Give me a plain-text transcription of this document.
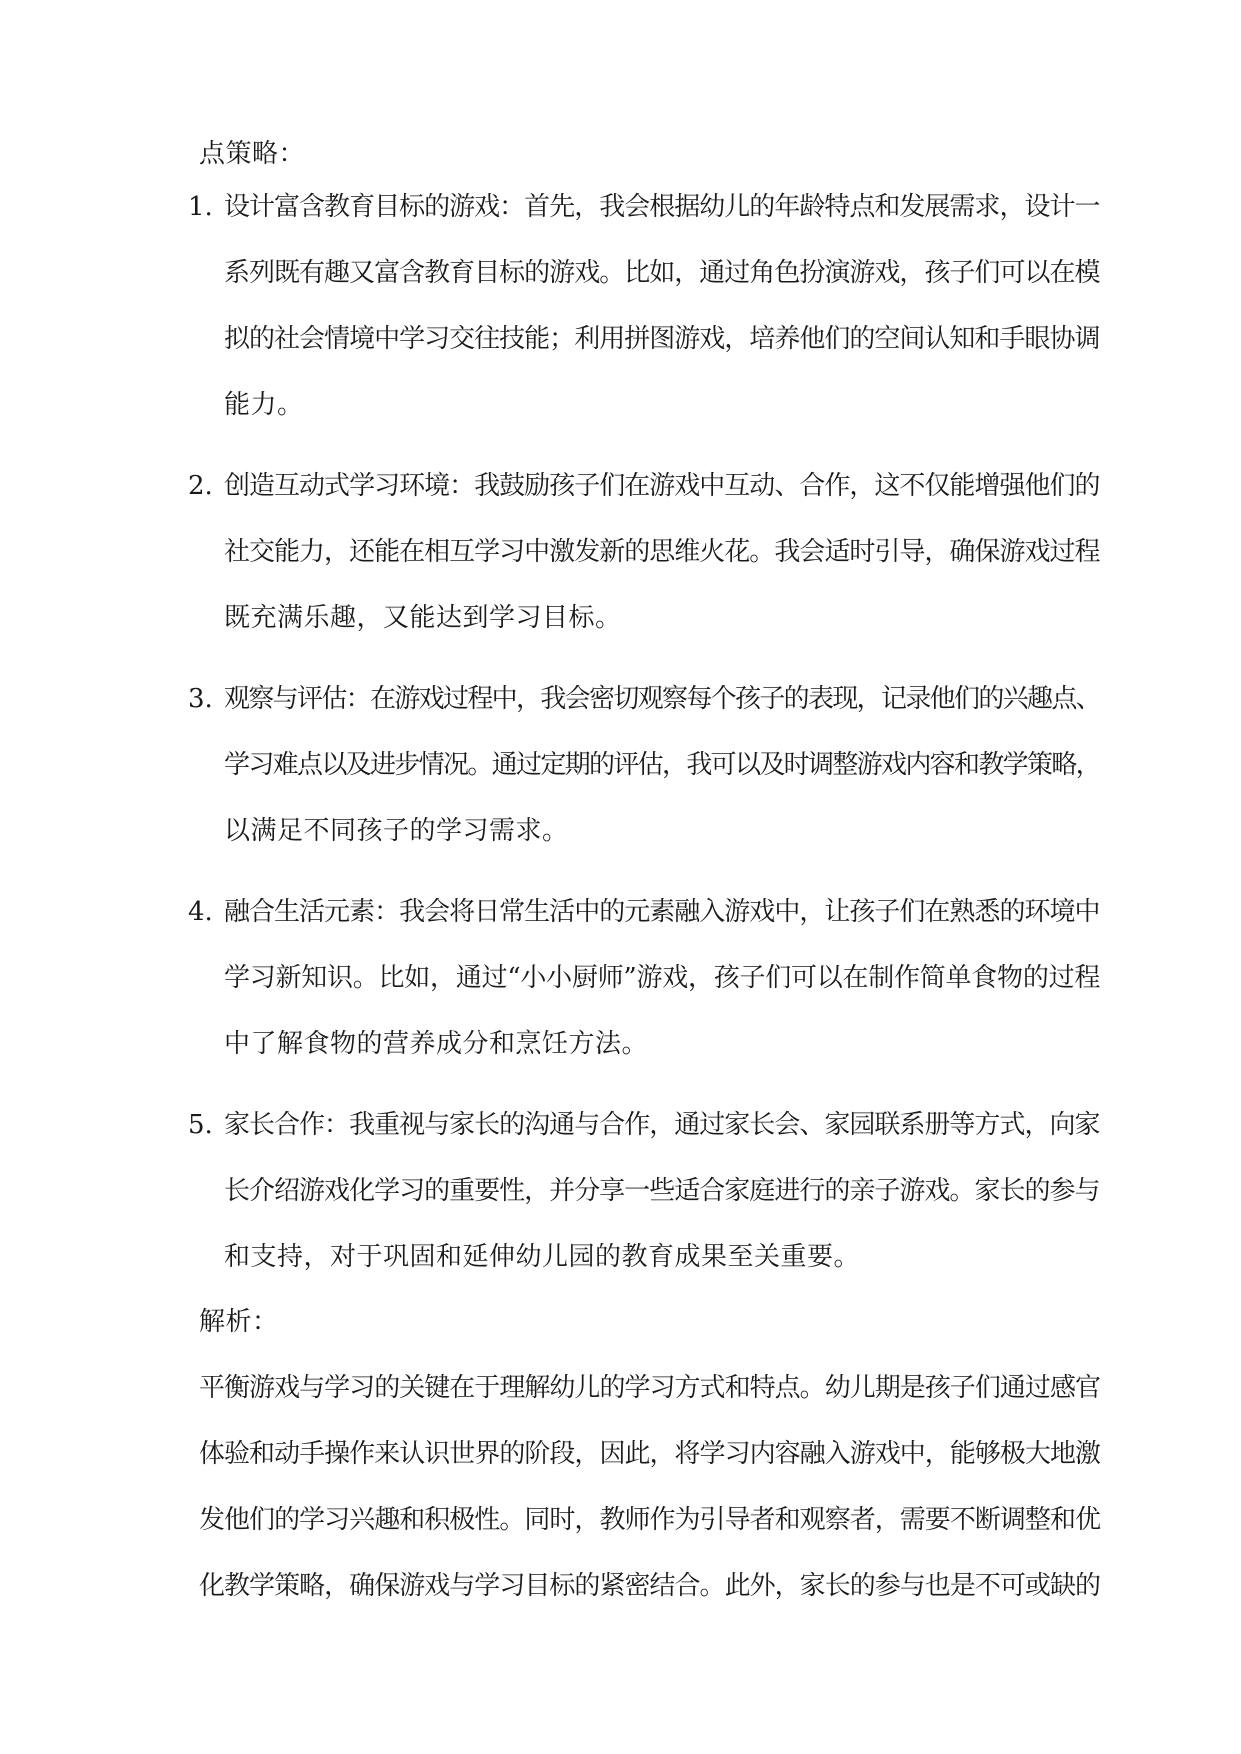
点策略：
1. 设计富含教育目标的游戏：首先，我会根据幼儿的年龄特点和发展需求，设计一
系列既有趣又富含教育目标的游戏。比如，通过角色扮演游戏，孩子们可以在模
拟的社会情境中学习交往技能；利用拼图游戏，培养他们的空间认知和手眼协调
能力。
2. 创造互动式学习环境：我鼓励孩子们在游戏中互动、合作，这不仅能增强他们的
社交能力，还能在相互学习中激发新的思维火花。我会适时引导，确保游戏过程
既充满乐趣，又能达到学习目标。
3. 观察与评估：在游戏过程中，我会密切观察每个孩子的表现，记录他们的兴趣点、
学习难点以及进步情况。通过定期的评估，我可以及时调整游戏内容和教学策略，
以满足不同孩子的学习需求。
4. 融合生活元素：我会将日常生活中的元素融入游戏中，让孩子们在熟悉的环境中
学习新知识。比如，通过“小小厨师”游戏，孩子们可以在制作简单食物的过程
中了解食物的营养成分和烹饪方法。
5. 家长合作：我重视与家长的沟通与合作，通过家长会、家园联系册等方式，向家
长介绍游戏化学习的重要性，并分享一些适合家庭进行的亲子游戏。家长的参与
和支持，对于巩固和延伸幼儿园的教育成果至关重要。
解析：
平衡游戏与学习的关键在于理解幼儿的学习方式和特点。幼儿期是孩子们通过感官
体验和动手操作来认识世界的阶段，因此，将学习内容融入游戏中，能够极大地激
发他们的学习兴趣和积极性。同时，教师作为引导者和观察者，需要不断调整和优
化教学策略，确保游戏与学习目标的紧密结合。此外，家长的参与也是不可或缺的
